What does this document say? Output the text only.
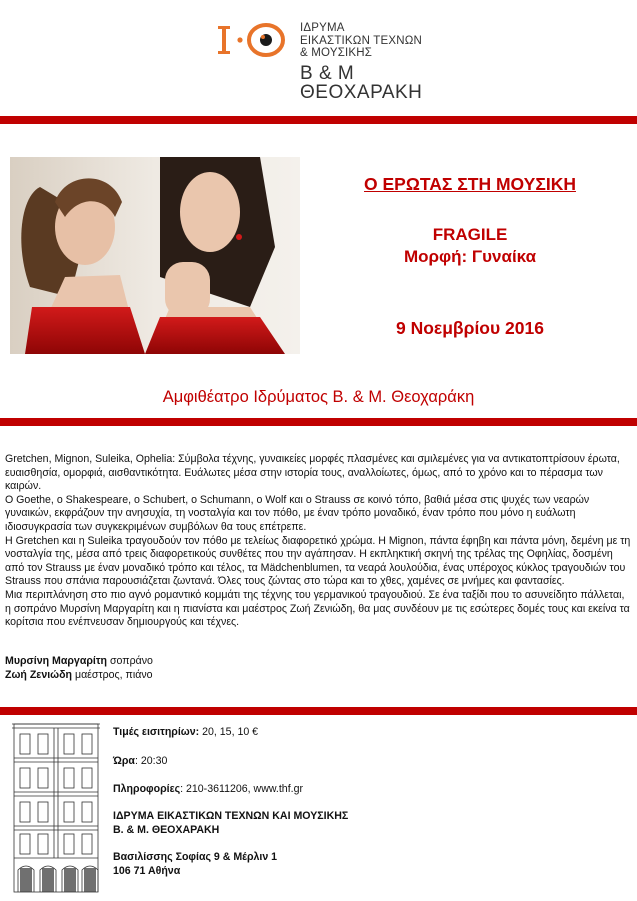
ΙΔΡΥΜΑ
ΕΙΚΑΣΤΙΚΩΝ ΤΕΧΝΩΝ
& ΜΟΥΣΙΚΗΣ
Β & Μ
ΘΕΟΧΑΡΑΚΗ
Ο ΕΡΩΤΑΣ ΣΤΗ ΜΟΥΣΙΚΗ
FRAGILE
Μορφή: Γυναίκα
9 Νοεμβρίου 2016
Αμφιθέατρο Ιδρύματος Β. & Μ. Θεοχαράκη

Gretchen, Mignon, Suleika, Ophelia: Σύμβολα τέχνης, γυναικείες μορφές πλασμένες και σμιλεμένες για να αντικατοπτρίσουν έρωτα, ευαισθησία, ομορφιά, αισθαντικότητα. Ευάλωτες μέσα στην ιστορία τους, αναλλοίωτες, όμως, από το χρόνο και το πέρασμα των καιρών.

Ο Goethe, ο Shakespeare, ο Schubert, ο Schumann, ο Wolf και ο Strauss σε κοινό τόπο, βαθιά μέσα στις ψυχές των νεαρών γυναικών, εκφράζουν την ανησυχία, τη νοσταλγία και τον πόθο, με έναν τρόπο μοναδικό, έναν τρόπο που μόνο η ευάλωτη ιδιοσυγκρασία των συγκεκριμένων συμβόλων θα τους επέτρεπε.

Η Gretchen και η Suleika τραγουδούν τον πόθο με τελείως διαφορετικό χρώμα. Η Mignon, πάντα έφηβη και πάντα μόνη, δεμένη με τη νοσταλγία της, μέσα από τρεις διαφορετικούς συνθέτες που την αγάπησαν. Η εκπληκτική σκηνή της τρέλας της Οφηλίας, δοσμένη από τον Strauss με έναν μοναδικό τρόπο και τέλος, τα Mädchenblumen, τα νεαρά λουλούδια, ένας υπέροχος κύκλος τραγουδιών του Strauss που σπάνια παρουσιάζεται ζωντανά. Όλες τους ζώντας στο τώρα και το χθες, χαμένες σε μνήμες και φαντασίες.

Μια περιπλάνηση στο πιο αγνό ρομαντικό κομμάτι της τέχνης του γερμανικού τραγουδιού. Σε ένα ταξίδι που το ασυνείδητο πάλλεται, η σοπράνο Μυρσίνη Μαργαρίτη και η πιανίστα και μαέστρος Ζωή Ζενιώδη, θα μας συνδέουν με τις εσώτερες δομές τους και εκείνα τα κορίτσια που ενέπνευσαν δημιουργούς και τέχνες.

Μυρσίνη Μαργαρίτη σοπράνο
Ζωή Ζενιώδη μαέστρος, πιάνο
Τιμές εισιτηρίων: 20, 15, 10 €
Ώρα: 20:30
Πληροφορίες: 210-3611206, www.thf.gr
ΙΔΡΥΜΑ ΕΙΚΑΣΤΙΚΩΝ ΤΕΧΝΩΝ ΚΑΙ ΜΟΥΣΙΚΗΣ
Β. & Μ. ΘΕΟΧΑΡΑΚΗ
Βασιλίσσης Σοφίας 9 & Μέρλιν 1
106 71 Αθήνα
